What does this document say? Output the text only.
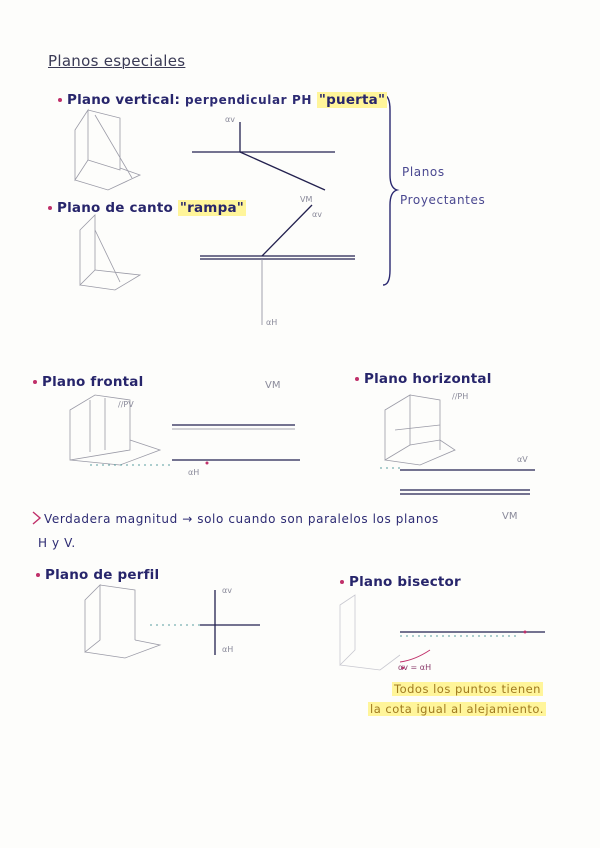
Planos especiales
Plano vertical: perpendicular PH "puerta"
αv
Plano de canto "rampa"
VM
αv
αH
Planos
Proyectantes
Plano frontal
//PV
VM
αH
Plano horizontal
//PH
αV
VM
Verdadera magnitud → solo cuando son paralelos los planos
H y V.
Plano de perfil
αv
αH
Plano bisector
αv = αH
Todos los puntos tienen
la cota igual al alejamiento.
